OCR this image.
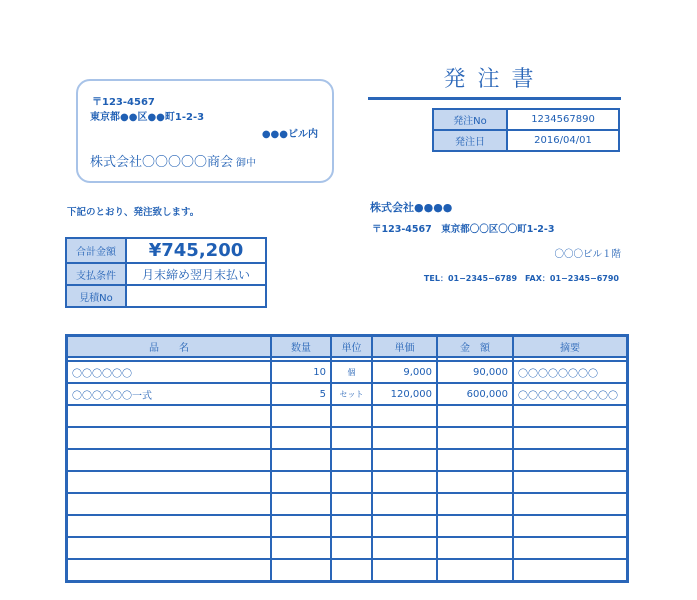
〒123-4567
東京都●●区●●町1-2-3
●●●ビル内
株式会社〇〇〇〇〇商会 御中
発注書
発注No	1234567890
発注日	2016/04/01
下記のとおり、発注致します。	株式会社●●●●
〒123-4567　東京都〇〇区〇〇町1-2-3
〇〇〇ビル１階
TEL：01−2345−6789　FAX：01−2345−6790
合計金額	¥745,200
支払条件	月末締め翌月末払い
見積No	
品　　名	数量	単位	単価	金　額	摘要

〇〇〇〇〇〇	10	個	9,000	90,000	〇〇〇〇〇〇〇〇
〇〇〇〇〇〇一式	5	セット	120,000	600,000	〇〇〇〇〇〇〇〇〇〇
